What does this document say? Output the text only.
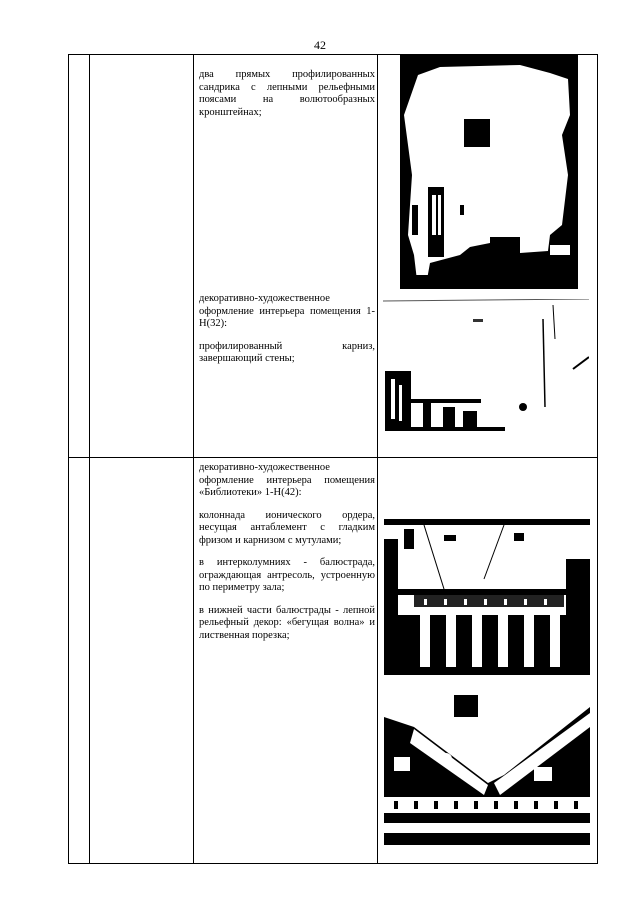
42

два прямых профилированных сандрика с лепными рельефными поясами на волютообразных кронштейнах;

декоративно-художественное оформление интерьера помещения 1-Н(32):

профилированный карниз, завершающий стены;

декоративно-художественное оформление интерьера помещения «Библиотеки» 1-Н(42):

колоннада ионического ордера, несущая антаблемент с гладким фризом и карнизом с мутулами;

в интерколумниях - балюстрада, ограждающая антресоль, устроенную по периметру зала;

в нижней части балюстрады - лепной рельефный декор: «бегущая волна» и лиственная порезка;
